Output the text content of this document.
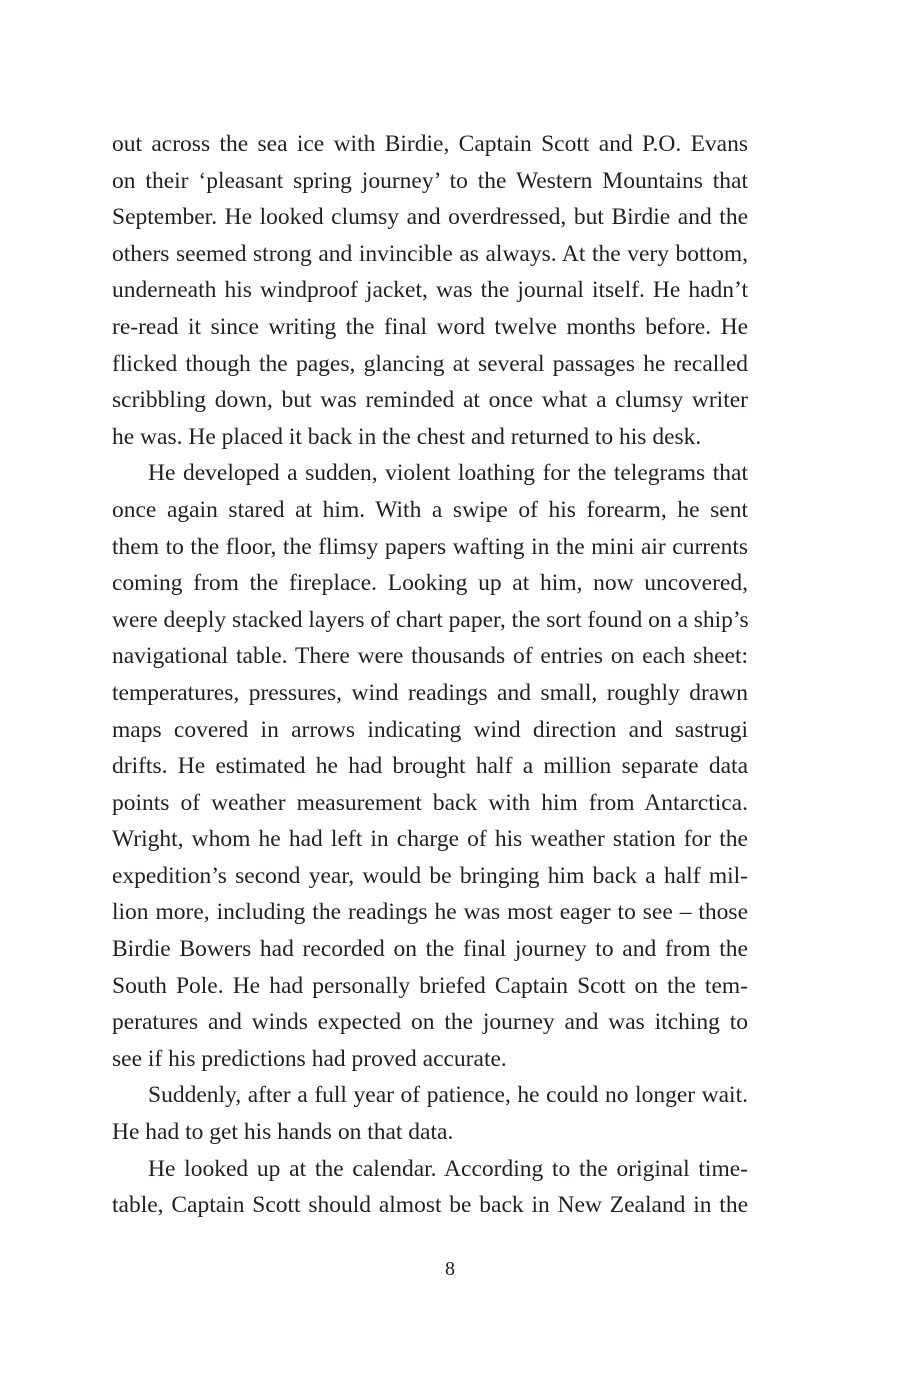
out across the sea ice with Birdie, Captain Scott and P.O. Evans
on their ‘pleasant spring journey’ to the Western Mountains that
September. He looked clumsy and overdressed, but Birdie and the
others seemed strong and invincible as always. At the very bottom,
underneath his windproof jacket, was the journal itself. He hadn’t
re-read it since writing the final word twelve months before. He
flicked though the pages, glancing at several passages he recalled
scribbling down, but was reminded at once what a clumsy writer
he was. He placed it back in the chest and returned to his desk.
He developed a sudden, violent loathing for the telegrams that
once again stared at him. With a swipe of his forearm, he sent
them to the floor, the flimsy papers wafting in the mini air currents
coming from the fireplace. Looking up at him, now uncovered,
were deeply stacked layers of chart paper, the sort found on a ship’s
navigational table. There were thousands of entries on each sheet:
temperatures, pressures, wind readings and small, roughly drawn
maps covered in arrows indicating wind direction and sastrugi
drifts. He estimated he had brought half a million separate data
points of weather measurement back with him from Antarctica.
Wright, whom he had left in charge of his weather station for the
expedition’s second year, would be bringing him back a half mil-
lion more, including the readings he was most eager to see – those
Birdie Bowers had recorded on the final journey to and from the
South Pole. He had personally briefed Captain Scott on the tem-
peratures and winds expected on the journey and was itching to
see if his predictions had proved accurate.
Suddenly, after a full year of patience, he could no longer wait.
He had to get his hands on that data.
He looked up at the calendar. According to the original time-
table, Captain Scott should almost be back in New Zealand in the
8
